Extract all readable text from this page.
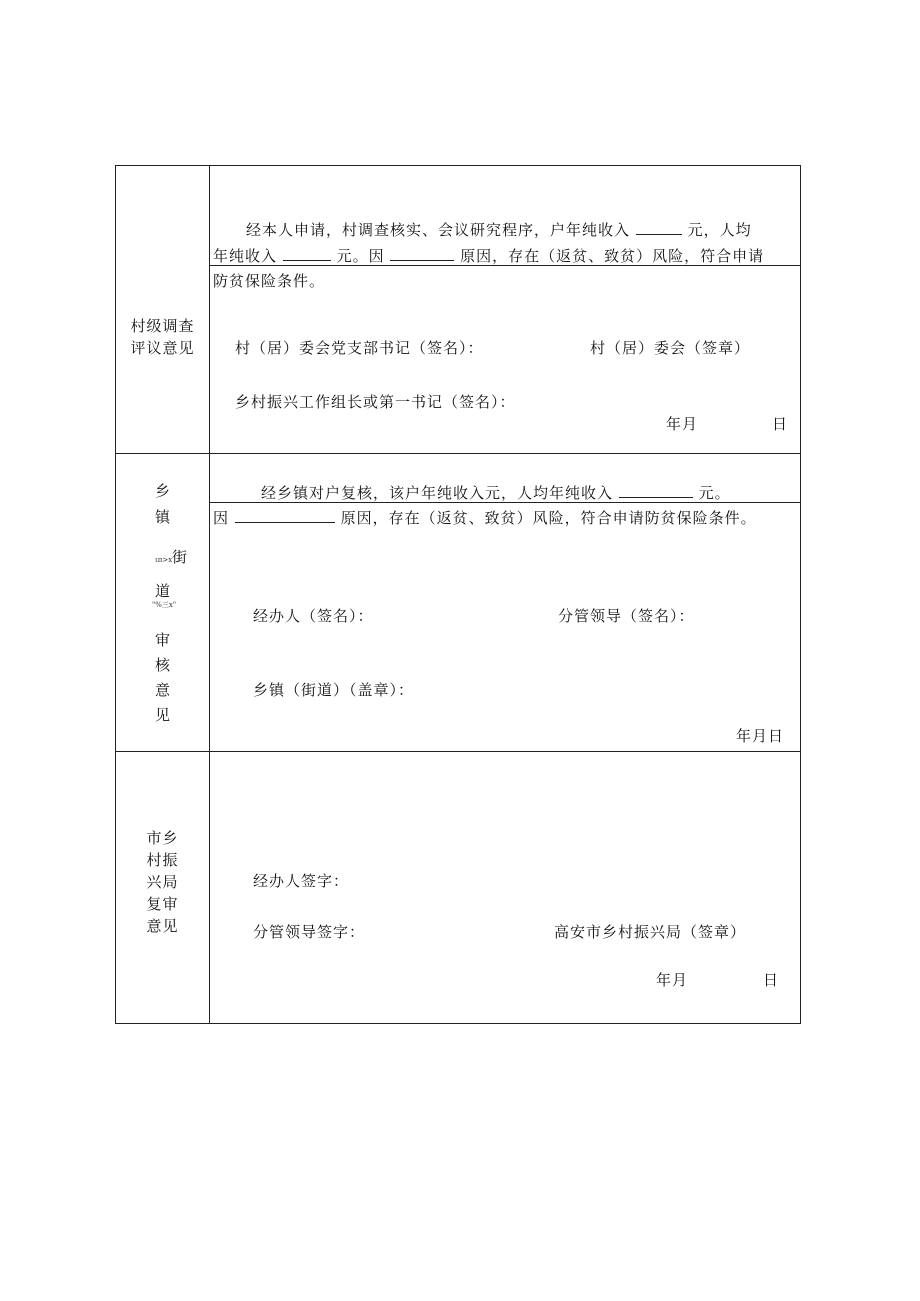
村级调查
评议意见
经本人申请，村调查核实、会议研究程序，户年纯收入	元，人均
年纯收入	元。因	原因，存在（返贫、致贫）风险，符合申请
防贫保险条件。
村（居）委会党支部书记（签名）：	村（居）委会（签章）
乡村振兴工作组长或第一书记（签名）：
年月	日
乡
镇
ιπ>x 街
道
"%三x"
审
核
意
见
经乡镇对户复核，该户年纯收入元，人均年纯收入	元。
因	原因，存在（返贫、致贫）风险，符合申请防贫保险条件。
经办人（签名）：	分管领导（签名）：
乡镇（街道）（盖章）：
年月日
市乡
村振
兴局
复审
意见
经办人签字：
分管领导签字：	高安市乡村振兴局（签章）
年月	日
